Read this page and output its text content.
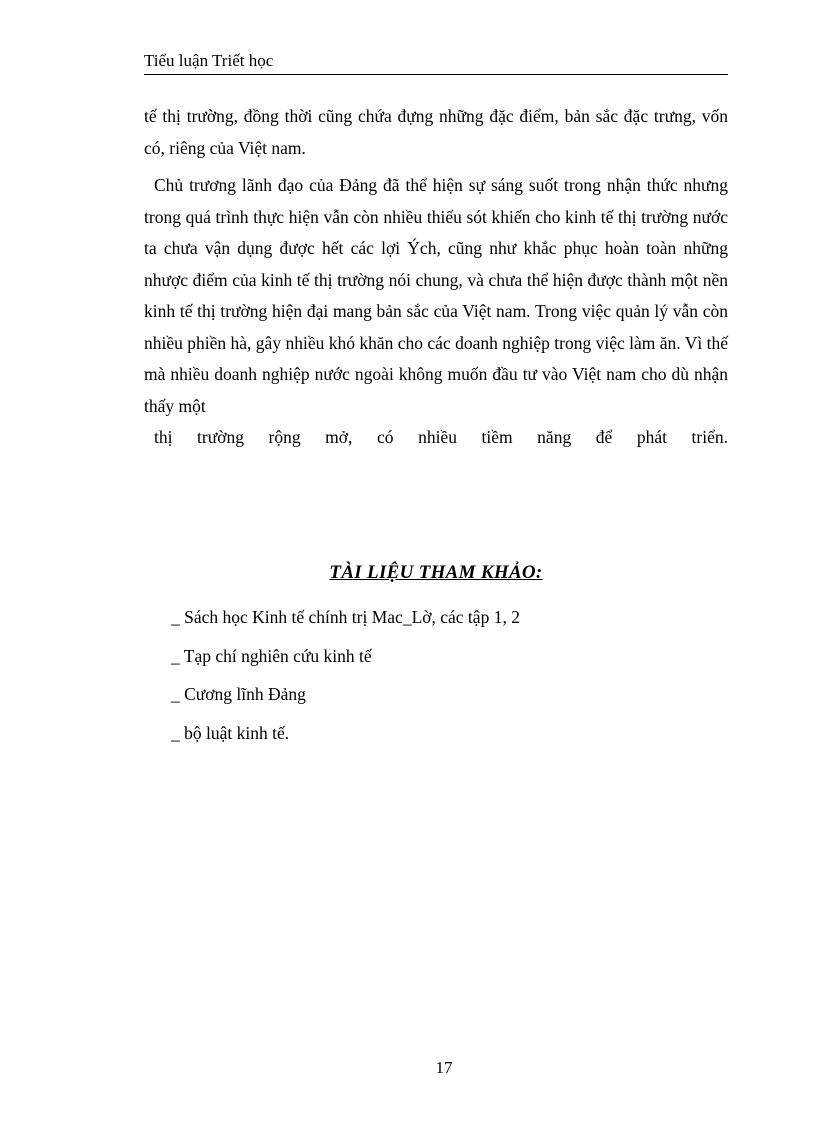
Tiểu luận Triết học

tế thị trường, đồng thời cũng chứa đựng những đặc điểm, bản sắc đặc trưng, vốn có, riêng của Việt nam.

Chủ trương lãnh đạo của Đảng đã thể hiện sự sáng suốt trong nhận thức nhưng trong quá trình thực hiện vẫn còn nhiều thiếu sót khiến cho kinh tế thị trường nước ta chưa vận dụng được hết các lợi Ých, cũng như khắc phục hoàn toàn những nhược điểm của kinh tế thị trường nói chung, và chưa thể hiện được thành một nền kinh tế thị trường hiện đại mang bản sắc của Việt nam. Trong việc quản lý vẫn còn nhiều phiền hà, gây nhiều khó khăn cho các doanh nghiệp trong việc làm ăn. Vì thế mà nhiều doanh nghiệp nước ngoài không muốn đầu tư vào Việt nam cho dù nhận thấy một
thị trường rộng mở, có nhiều tiềm năng để phát triển.

TÀI LIỆU THAM KHẢO:
_ Sách học Kinh tế chính trị Mac_Lờ, các tập 1, 2
_ Tạp chí nghiên cứu kinh tế
_ Cương lĩnh Đảng
_ bộ luật kinh tế.
17
